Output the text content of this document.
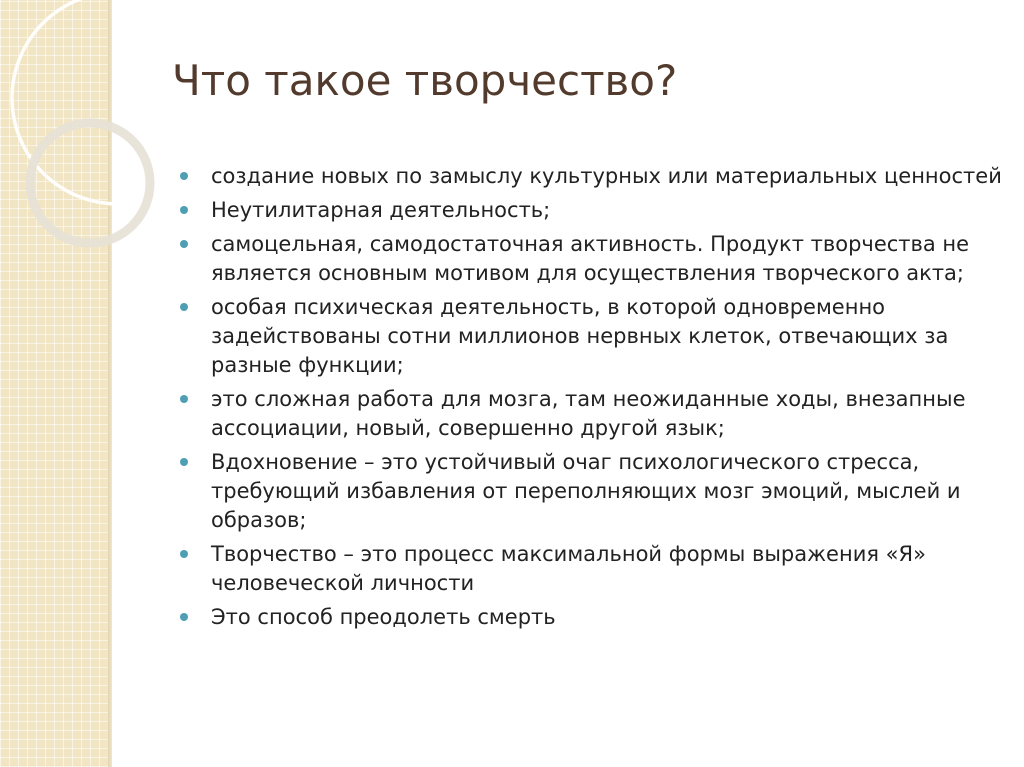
Что такое творчество?
создание новых по замыслу культурных или материальных ценностей
Неутилитарная деятельность;
самоцельная, самодостаточная активность. Продукт творчества не является основным мотивом для осуществления творческого акта;
особая психическая деятельность, в которой одновременно задействованы сотни миллионов нервных клеток, отвечающих за разные функции;
это сложная работа для мозга, там неожиданные ходы, внезапные ассоциации, новый, совершенно другой язык;
Вдохновение – это устойчивый очаг психологического стресса, требующий избавления от переполняющих мозг эмоций, мыслей и образов;
Творчество – это процесс максимальной формы выражения «Я» человеческой личности
Это способ преодолеть смерть
